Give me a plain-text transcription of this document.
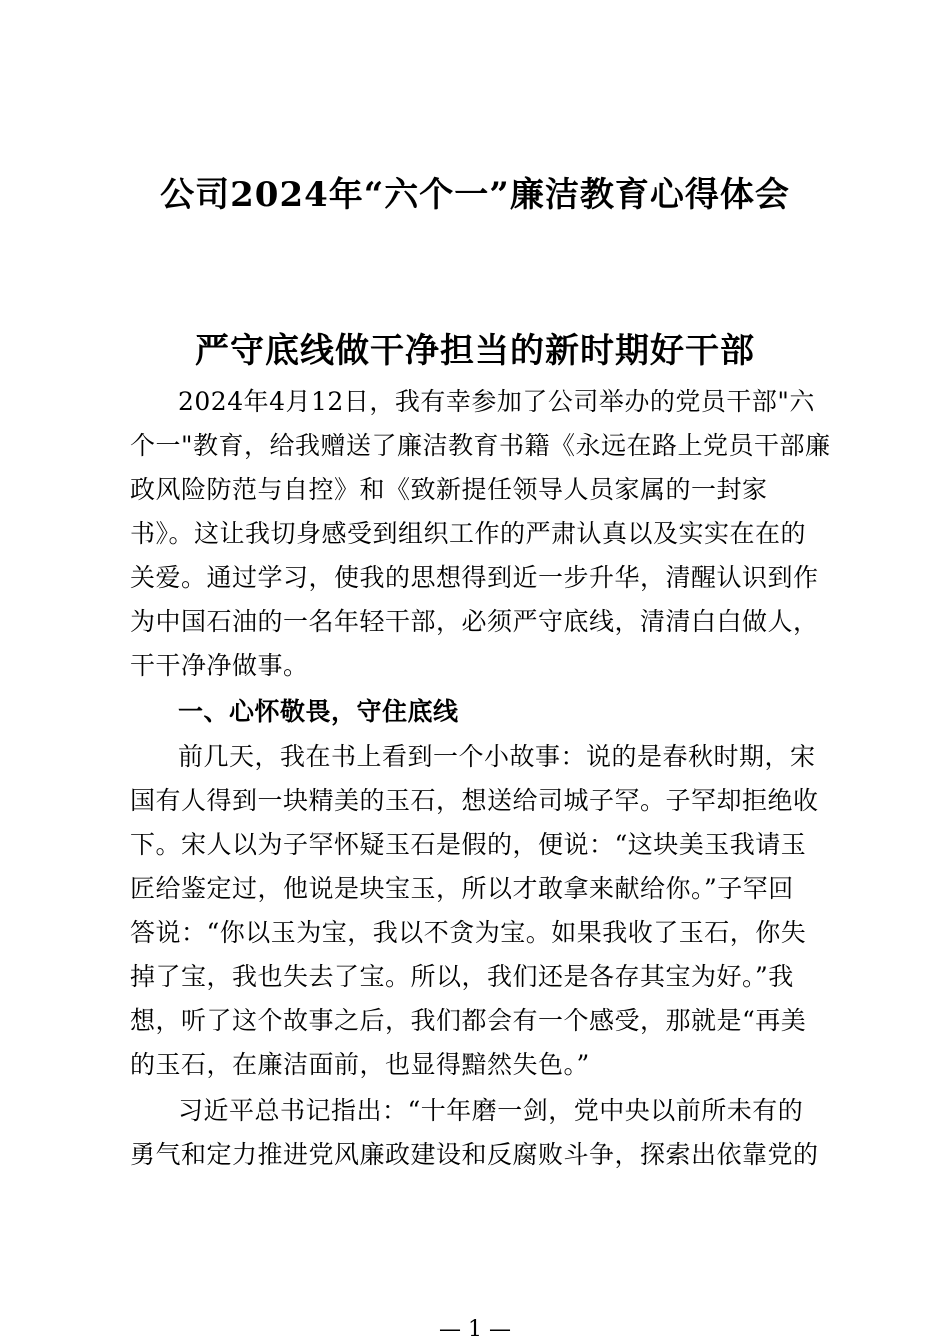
公司2024年“六个一”廉洁教育心得体会
严守底线做干净担当的新时期好干部
2024年4月12日，我有幸参加了公司举办的党员干部"六
个一"教育，给我赠送了廉洁教育书籍《永远在路上党员干部廉
政风险防范与自控》和《致新提任领导人员家属的一封家
书》。这让我切身感受到组织工作的严肃认真以及实实在在的
关爱。通过学习，使我的思想得到近一步升华，清醒认识到作
为中国石油的一名年轻干部，必须严守底线，清清白白做人，
干干净净做事。
一、心怀敬畏，守住底线
前几天，我在书上看到一个小故事：说的是春秋时期，宋
国有人得到一块精美的玉石，想送给司城子罕。子罕却拒绝收
下。宋人以为子罕怀疑玉石是假的，便说：“这块美玉我请玉
匠给鉴定过，他说是块宝玉，所以才敢拿来献给你。”子罕回
答说：“你以玉为宝，我以不贪为宝。如果我收了玉石，你失
掉了宝，我也失去了宝。所以，我们还是各存其宝为好。”我
想，听了这个故事之后，我们都会有一个感受，那就是“再美
的玉石，在廉洁面前，也显得黯然失色。”
习近平总书记指出：“十年磨一剑，党中央以前所未有的
勇气和定力推进党风廉政建设和反腐败斗争，探索出依靠党的
— 1 —
